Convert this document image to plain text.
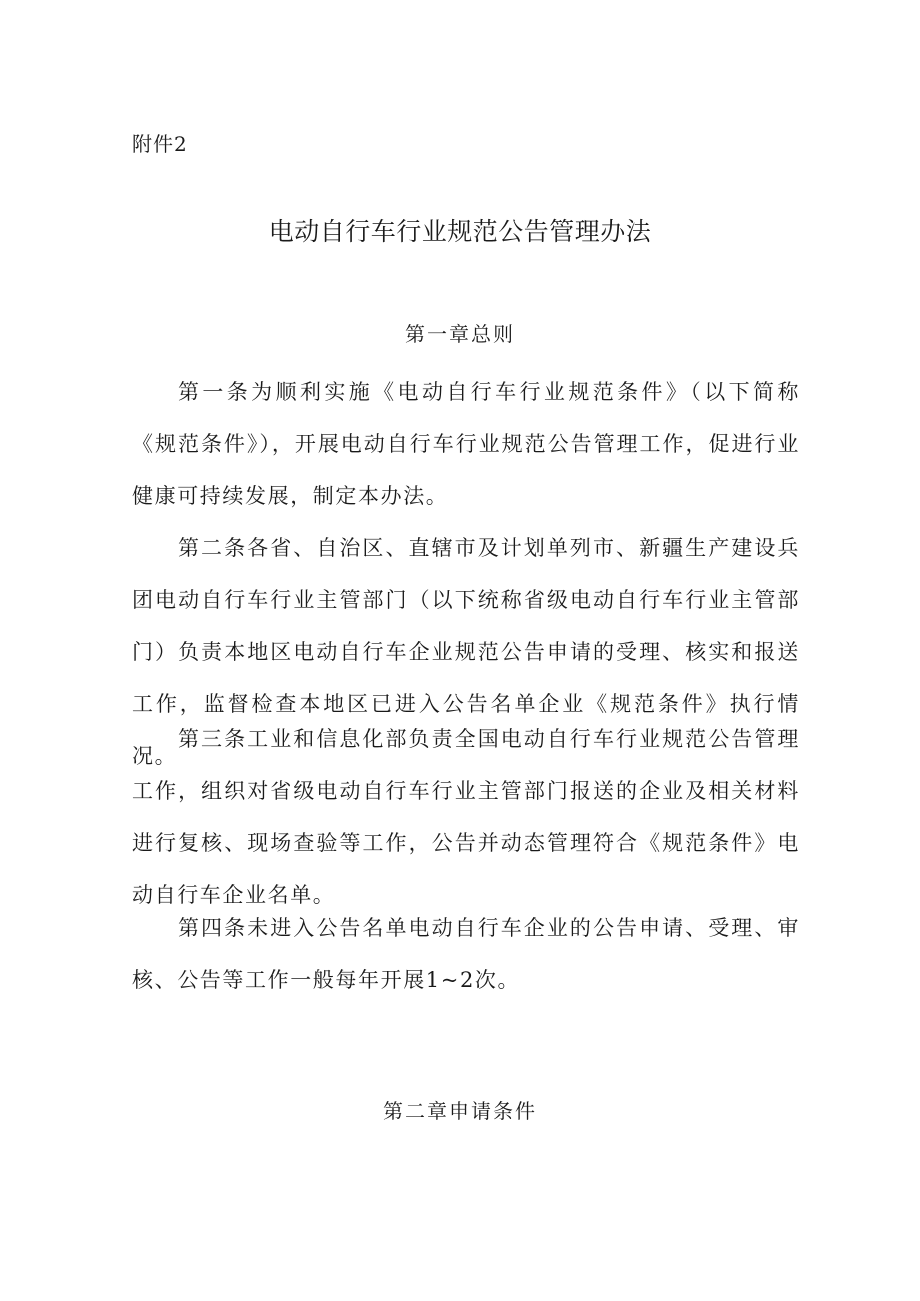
附件2
电动自行车行业规范公告管理办法
第一章总则

第一条为顺利实施《电动自行车行业规范条件》（以下简称《规范条件》），开展电动自行车行业规范公告管理工作，促进行业健康可持续发展，制定本办法。

第二条各省、自治区、直辖市及计划单列市、新疆生产建设兵团电动自行车行业主管部门（以下统称省级电动自行车行业主管部门）负责本地区电动自行车企业规范公告申请的受理、核实和报送工作，监督检查本地区已进入公告名单企业《规范条件》执行情况。

第三条工业和信息化部负责全国电动自行车行业规范公告管理工作，组织对省级电动自行车行业主管部门报送的企业及相关材料进行复核、现场查验等工作，公告并动态管理符合《规范条件》电动自行车企业名单。

第四条未进入公告名单电动自行车企业的公告申请、受理、审核、公告等工作一般每年开展1~2次。

第二章申请条件
